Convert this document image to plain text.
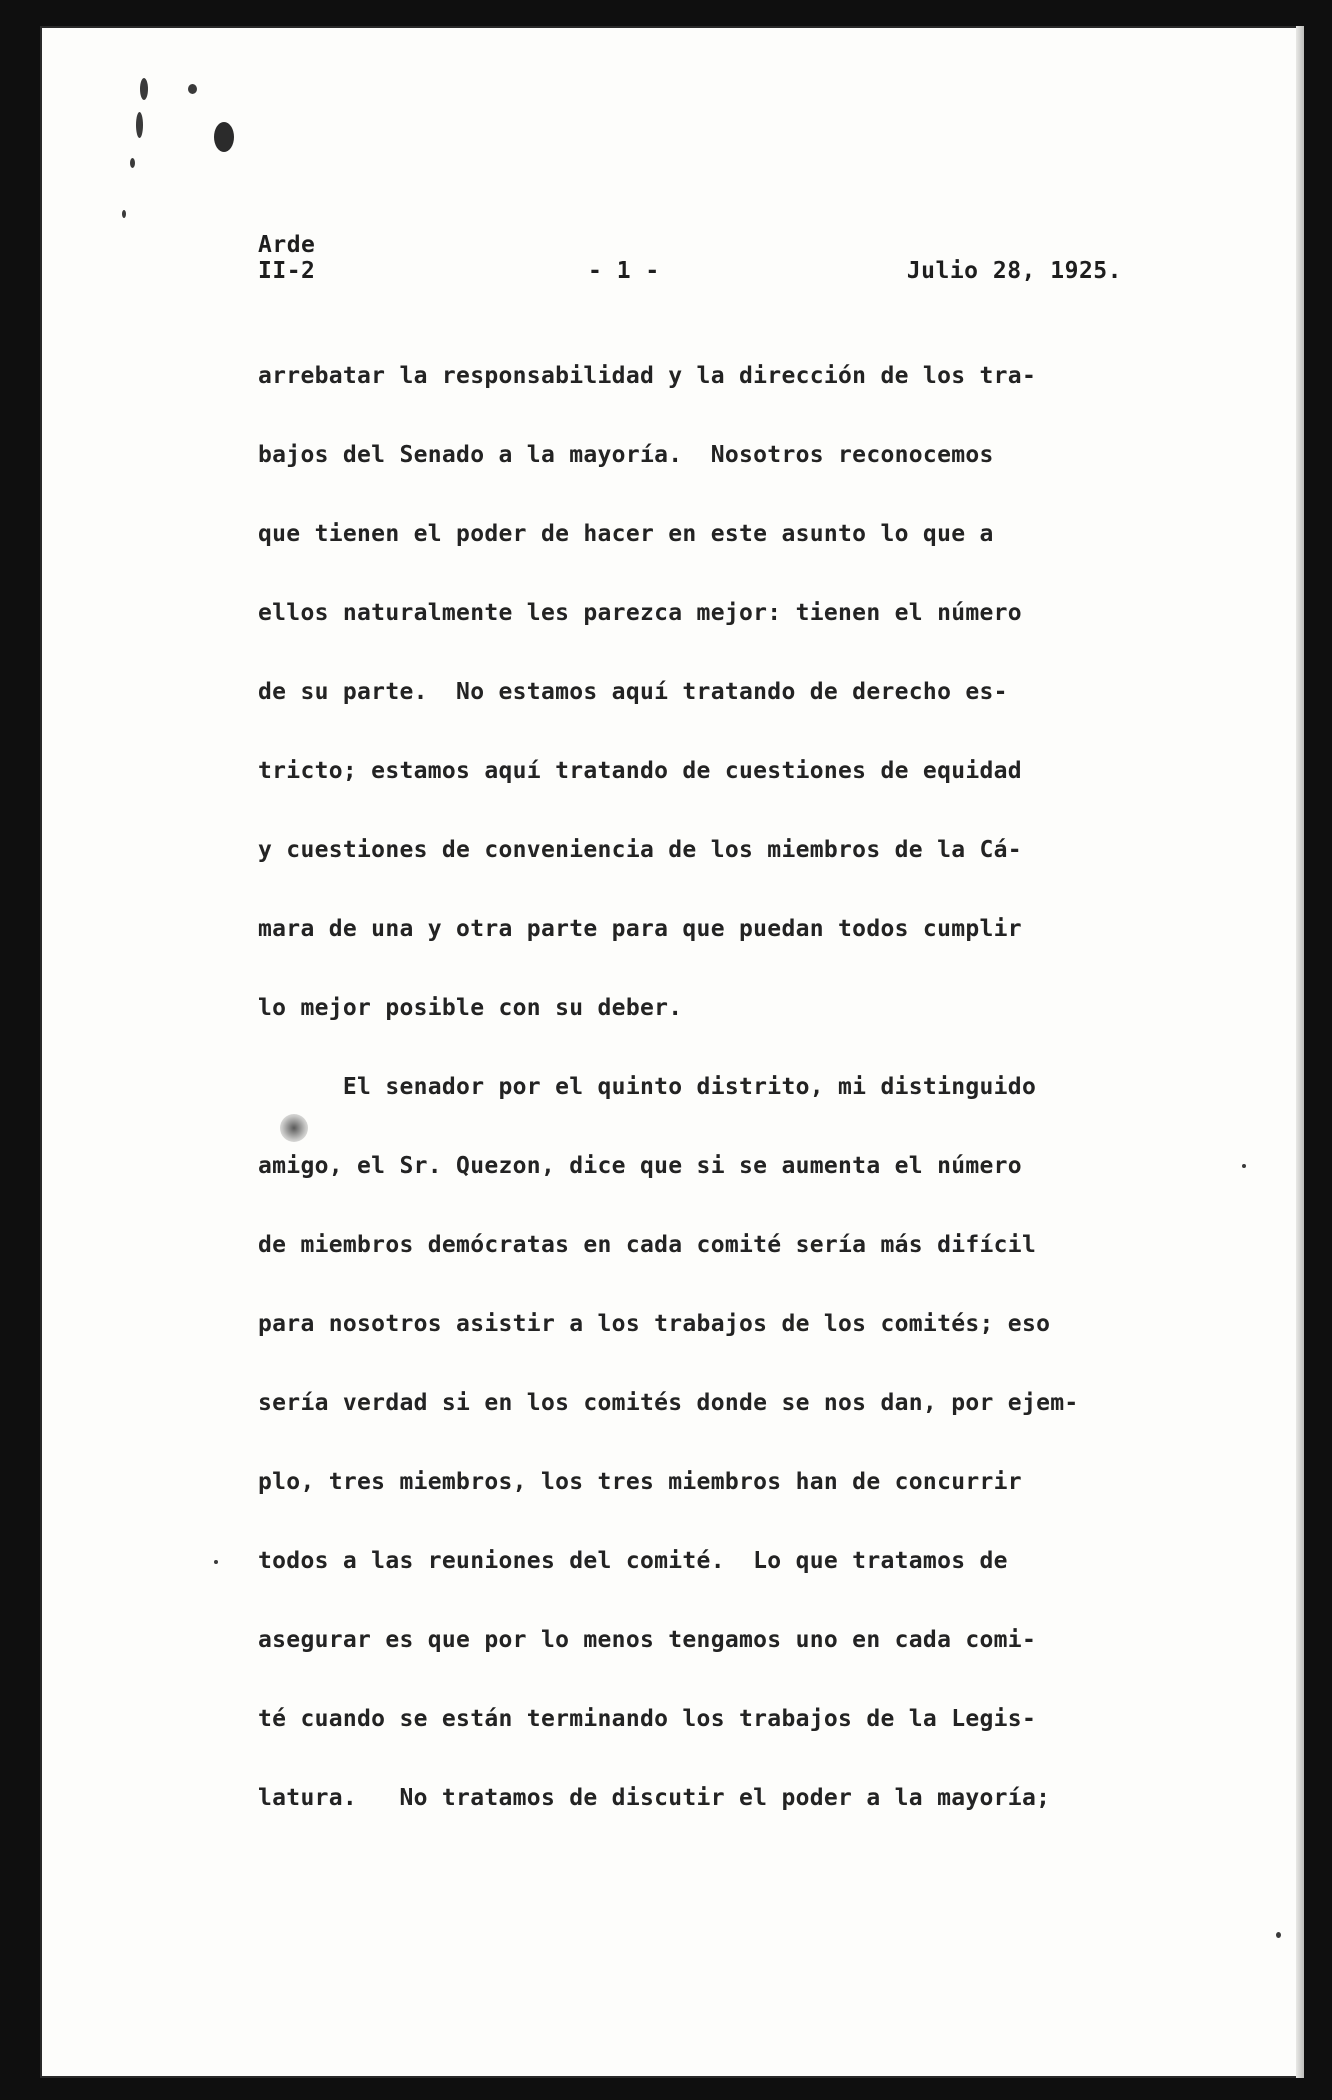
Arde
II-2	- 1 -	Julio 28, 1925.
arrebatar la responsabilidad y la dirección de los tra-
bajos del Senado a la mayoría.  Nosotros reconocemos
que tienen el poder de hacer en este asunto lo que a
ellos naturalmente les parezca mejor: tienen el número
de su parte.  No estamos aquí tratando de derecho es-
tricto; estamos aquí tratando de cuestiones de equidad
y cuestiones de conveniencia de los miembros de la Cá-
mara de una y otra parte para que puedan todos cumplir
lo mejor posible con su deber.
El senador por el quinto distrito, mi distinguido
amigo, el Sr. Quezon, dice que si se aumenta el número
de miembros demócratas en cada comité sería más difícil
para nosotros asistir a los trabajos de los comités; eso
sería verdad si en los comités donde se nos dan, por ejem-
plo, tres miembros, los tres miembros han de concurrir
todos a las reuniones del comité.  Lo que tratamos de
asegurar es que por lo menos tengamos uno en cada comi-
té cuando se están terminando los trabajos de la Legis-
latura.   No tratamos de discutir el poder a la mayoría;
